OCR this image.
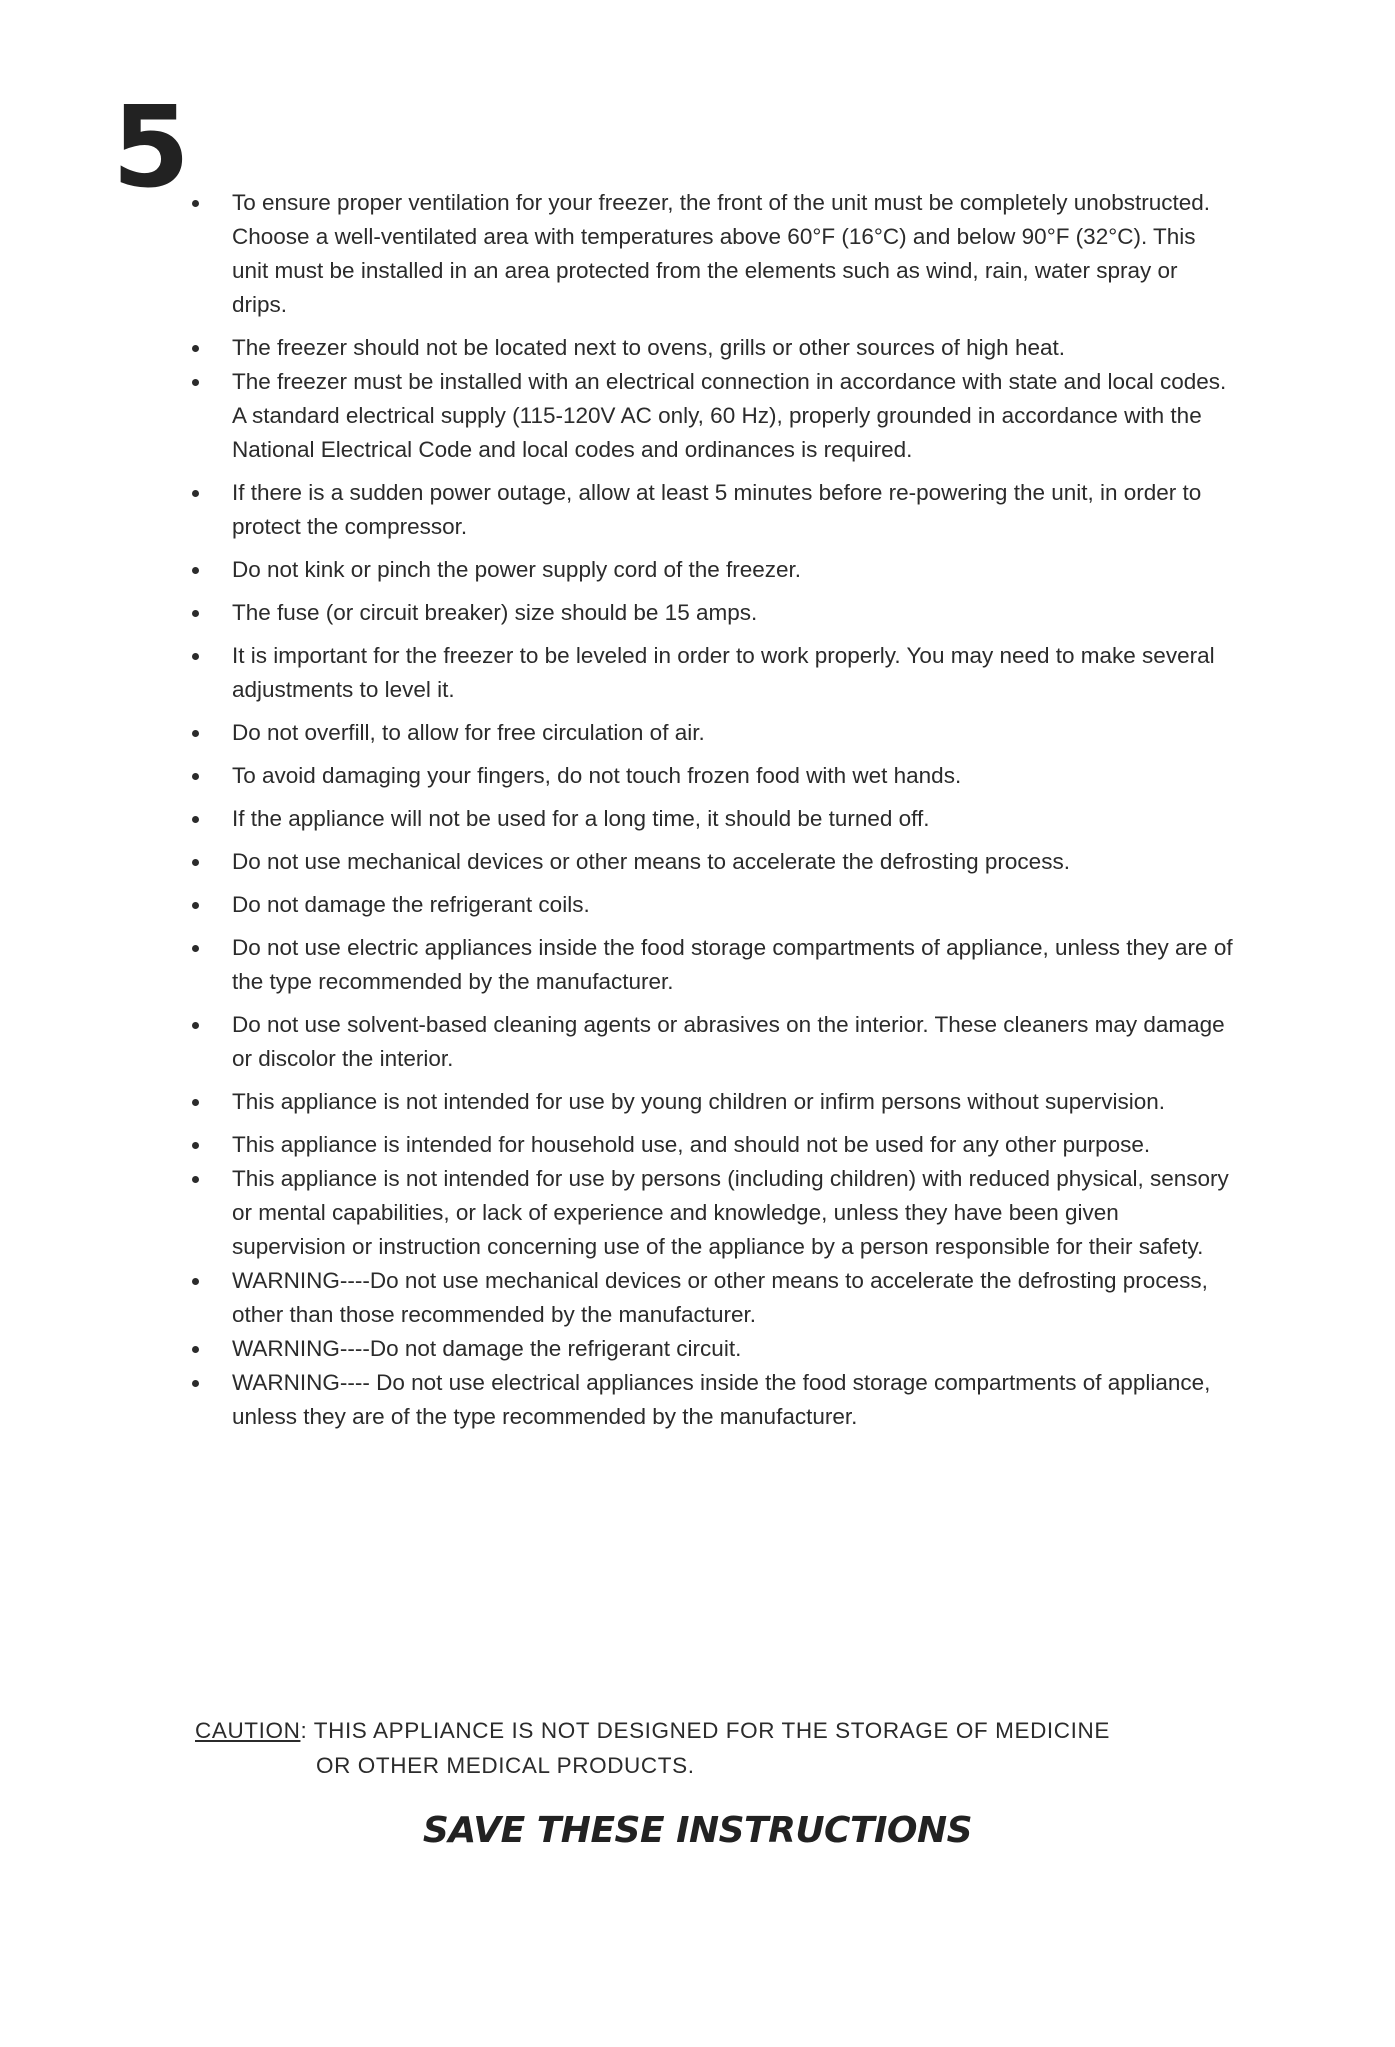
5	To ensure proper ventilation for your freezer, the front of the unit must be completely unobstructed. Choose a well-ventilated area with temperatures above 60°F (16°C) and below 90°F (32°C). This unit must be installed in an area protected from the elements such as wind, rain, water spray or drips.
The freezer should not be located next to ovens, grills or other sources of high heat.
The freezer must be installed with an electrical connection in accordance with state and local codes. A standard electrical supply (115-120V AC only, 60 Hz), properly grounded in accordance with the National Electrical Code and local codes and ordinances is required.
If there is a sudden power outage, allow at least 5 minutes before re-powering the unit, in order to protect the compressor.
Do not kink or pinch the power supply cord of the freezer.
The fuse (or circuit breaker) size should be 15 amps.
It is important for the freezer to be leveled in order to work properly. You may need to make several adjustments to level it.
Do not overfill, to allow for free circulation of air.
To avoid damaging your fingers, do not touch frozen food with wet hands.
If the appliance will not be used for a long time, it should be turned off.
Do not use mechanical devices or other means to accelerate the defrosting process.
Do not damage the refrigerant coils.
Do not use electric appliances inside the food storage compartments of appliance, unless they are of the type recommended by the manufacturer.
Do not use solvent-based cleaning agents or abrasives on the interior. These cleaners may damage or discolor the interior.
This appliance is not intended for use by young children or infirm persons without supervision.
This appliance is intended for household use, and should not be used for any other purpose.
This appliance is not intended for use by persons (including children) with reduced physical, sensory or mental capabilities, or lack of experience and knowledge, unless they have been given supervision or instruction concerning use of the appliance by a person responsible for their safety.
WARNING----Do not use mechanical devices or other means to accelerate the defrosting process, other than those recommended by the manufacturer.
WARNING----Do not damage the refrigerant circuit.
WARNING---- Do not use electrical appliances inside the food storage compartments of appliance, unless they are of the type recommended by the manufacturer.
CAUTION: THIS APPLIANCE IS NOT DESIGNED FOR THE STORAGE OF MEDICINE
OR OTHER MEDICAL PRODUCTS.
SAVE THESE INSTRUCTIONS
